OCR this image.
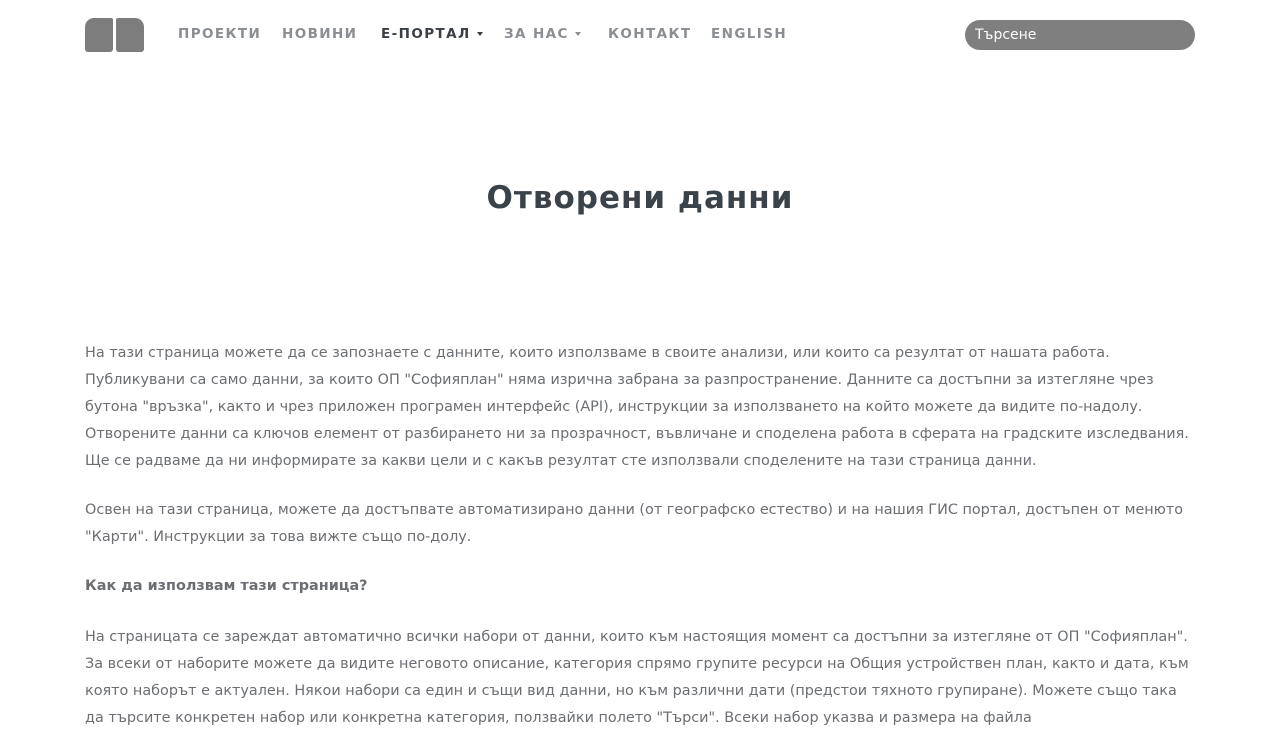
ПРОЕКТИ НОВИНИ Е-ПОРТАЛ	ЗА НАС	КОНТАКТ ENGLISH
Търсене
Отворени данни

На тази страница можете да се запознаете с данните, които използваме в своите анализи, или които са резултат от нашата работа. Публикувани са само данни, за които ОП "Софияплан" няма изрична забрана за разпространение. Данните са достъпни за изтегляне чрез бутона "връзка", както и чрез приложен програмен интерфейс (API), инструкции за използването на който можете да видите по-надолу. Отворените данни са ключов елемент от разбирането ни за прозрачност, въвличане и споделена работа в сферата на градските изследвания. Ще се радваме да ни информирате за какви цели и с какъв резултат сте използвали споделените на тази страница данни.

Освен на тази страница, можете да достъпвате автоматизирано данни (от географско естество) и на нашия ГИС портал, достъпен от менюто "Карти". Инструкции за това вижте също по-долу.

Как да използвам тази страница?

На страницата се зареждат автоматично всички набори от данни, които към настоящия момент са достъпни за изтегляне от ОП "Софияплан". За всеки от наборите можете да видите неговото описание, категория спрямо групите ресурси на Общия устройствен план, както и дата, към която наборът е актуален. Някои набори са един и същи вид данни, но към различни дати (предстои тяхното групиране). Можете също така да търсите конкретен набор или конкретна категория, ползвайки полето "Търси". Всеки набор указва и размера на файла
